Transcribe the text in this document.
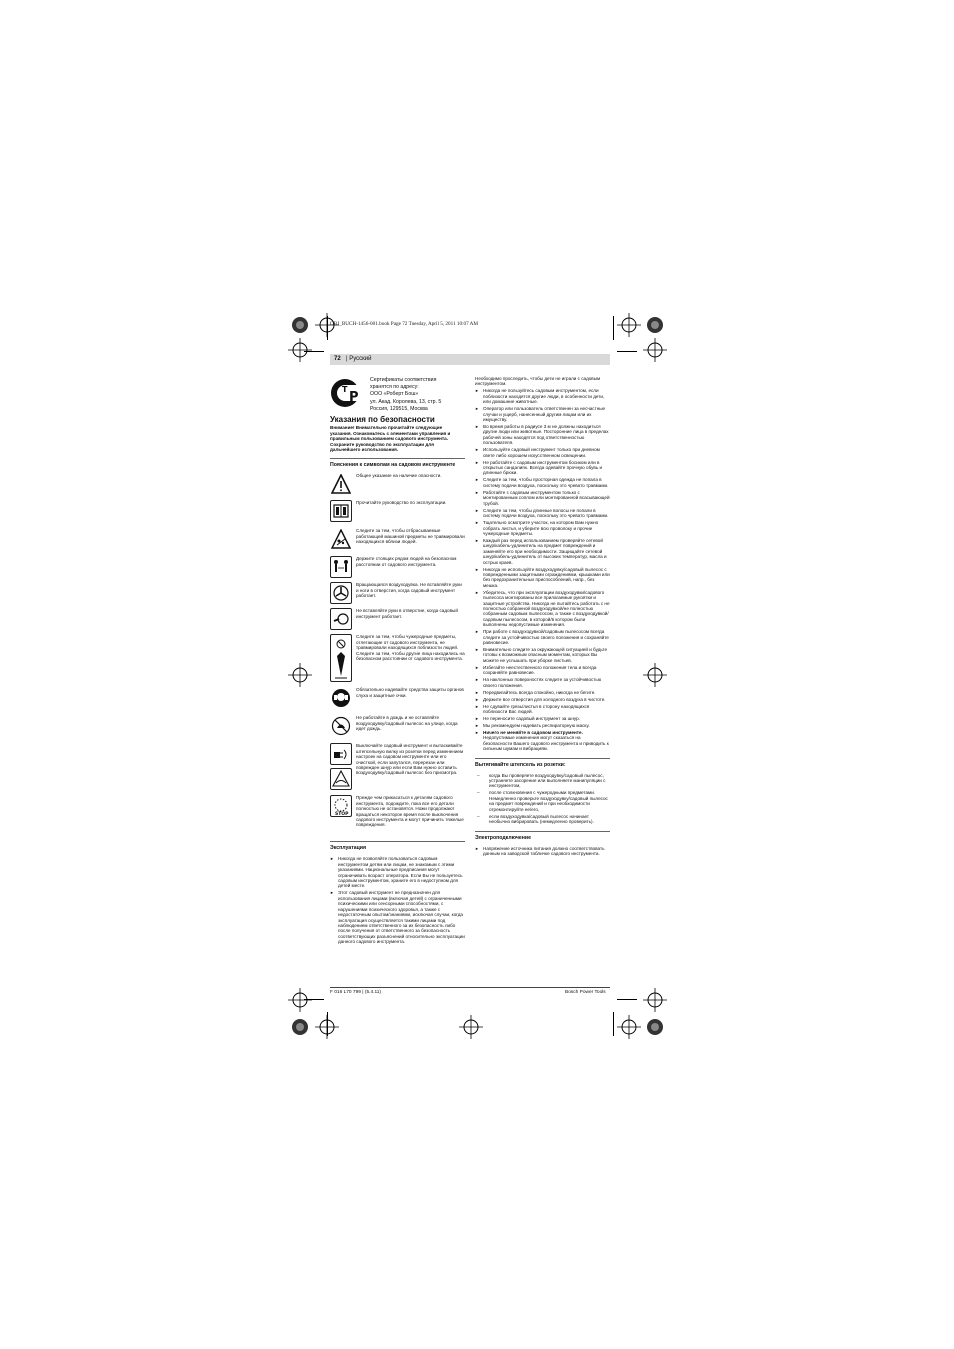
OBJ_BUCH-1456-001.book Page 72 Tuesday, April 5, 2011 10:07 AM
72 | Русский
Р
Т
Сертификаты соответствия
хранятся по адресу:
ООО «Роберт Бош»
ул. Акад. Королева, 13, стр. 5
Россия, 129515, Москва
Указания по безопасности
Внимание! Внимательно прочитайте следующие указания. Ознакомьтесь с элементами управления и правильным пользованием садового инструмента. Сохраните руководство по эксплуатации для дальнейшего использования.
Пояснения к символам на садовом инструменте
Общее указание на наличие опасности.
Прочитайте руководство по эксплуатации.
Следите за тем, чтобы отбрасываемые работающей машиной предметы не травмировали находящихся вблизи людей.
Держите стоящих рядом людей на безопасном расстоянии от садового инструмента.
Вращающаяся воздуходувка. Не вставляйте руки и ноги в отверстия, когда садовый инструмент работает.
Не вставляйте руки в отверстие, когда садовый инструмент работает.
Следите за тем, чтобы чужеродные предметы, отлетающие от садового инструмента, не травмировали находящихся поблизости людей. Следите за тем, чтобы другие лица находились на безопасном расстоянии от садового инструмента.
Обязательно надевайте средства защиты органов слуха и защитные очки.
Не работайте в дождь и не оставляйте воздуходувку/садовый пылесос на улице, когда идет дождь.
Выключайте садовый инструмент и вытаскивайте штепсельную вилку из розетки перед изменением настроек на садовом инструменте или его очисткой, если запутался, перерезан или поврежден шнур или если Вам нужно оставить воздуходувку/садовый пылесос без присмотра.
STOP
Прежде чем прикасаться к деталям садового инструмента, подождите, пока все его детали полностью не остановятся. Ножи продолжают вращаться некоторое время после выключения садового инструмента и могут причинить тяжелые повреждения.
Эксплуатация
► Никогда не позволяйте пользоваться садовым инструментом детям или лицам, не знакомым с этими указаниями. Национальные предписания могут ограничивать возраст оператора. Если Вы не пользуетесь садовым инструментом, храните его в недоступном для детей месте.
► Этот садовый инструмент не предназначен для использования лицами (включая детей) с ограниченными психическими или сенсорными способностями, с нарушениями психического здоровья, а также с недостаточным опытом/знаниями, исключая случаи, когда эксплуатация осуществляется такими лицами под наблюдением ответственного за их безопасность либо после получения от ответственного за безопасность соответствующих разъяснений относительно эксплуатации данного садового инструмента.
Необходимо проследить, чтобы дети не играли с садовым инструментом.
► Никогда не пользуйтесь садовым инструментом, если поблизости находятся другие люди, в особенности дети, или домашние животные.
► Оператор или пользователь ответственен за несчастные случаи и ущерб, нанесенный другим лицам или их имуществу.
► Во время работы в радиусе 3 м не должны находиться другие люди или животные. Посторонние лица в пределах рабочей зоны находятся под ответственностью пользователя.
► Используйте садовый инструмент только при дневном свете либо хорошем искусственном освещении.
► Не работайте с садовым инструментом босиком или в открытых сандалиях. Всегда одевайте прочную обувь и длинные брюки.
► Следите за тем, чтобы просторная одежда не попала в систему подачи воздуха, поскольку это чревато травмами.
► Работайте с садовым инструментом только с монтированным соплом или монтированной всасывающей трубой.
► Следите за тем, чтобы длинные волосы не попали в систему подачи воздуха, поскольку это чревато травмами.
► Тщательно осмотрите участок, на котором Вам нужно собрать листья, и уберите всю проволоку и прочие чужеродные предметы.
► Каждый раз перед использованием проверяйте сетевой шнур/кабель-удлинитель на предмет повреждений и заменяйте его при необходимости. Защищайте сетевой шнур/кабель-удлинитель от высоких температур, масла и острых краев.
► Никогда не используйте воздуходувку/садовый пылесос с поврежденными защитными ограждениями, крышками или без предохранительных приспособлений, напр., без мешка.
► Убедитесь, что при эксплуатации воздуходувки/садового пылесоса монтированы все прилагаемые рукоятки и защитные устройства. Никогда не пытайтесь работать с не полностью собранной воздуходувкой/не полностью собранным садовым пылесосом, а также с воздуходувкой/садовым пылесосом, в которой/в котором были выполнены недопустимые изменения.
► При работе с воздуходувкой/садовым пылесосом всегда следите за устойчивостью своего положения и сохраняйте равновесие.
► Внимательно следите за окружающей ситуацией и будьте готовы к возможным опасным моментам, которых Вы можете не услышать при уборке листьев.
► Избегайте неестественного положения тела и всегда сохраняйте равновесие.
► На наклонных поверхностях следите за устойчивостью своего положения.
► Передвигайтесь всегда спокойно, никогда не бегите.
► Держите все отверстия для холодного воздуха в чистоте.
► Не сдувайте грязь/листья в сторону находящихся поблизости Вас людей.
► Не переносите садовый инструмент за шнур.
► Мы рекомендуем надевать респираторную маску.
► Ничего не меняйте в садовом инструменте. Недопустимые изменения могут сказаться на безопасности Вашего садового инструмента и приводить к сильным шумам и вибрациям.
Вытягивайте штепсель из розетки:
– когда Вы проверяете воздуходувку/садовый пылесос, устраняете засорение или выполняете манипуляции с инструментом,
– после столкновения с чужеродными предметами. Немедленно проверьте воздуходувку/садовый пылесос на предмет повреждений и при необходимости отремонтируйте ее/его,
– если воздуходувка/садовый пылесос начинает необычно вибрировать (немедленно проверить).
Электроподключение
► Напряжение источника питания должно соответствовать данным на заводской табличке садового инструмента.
F 016 L70 799 | (5.4.11)	Bosch Power Tools
